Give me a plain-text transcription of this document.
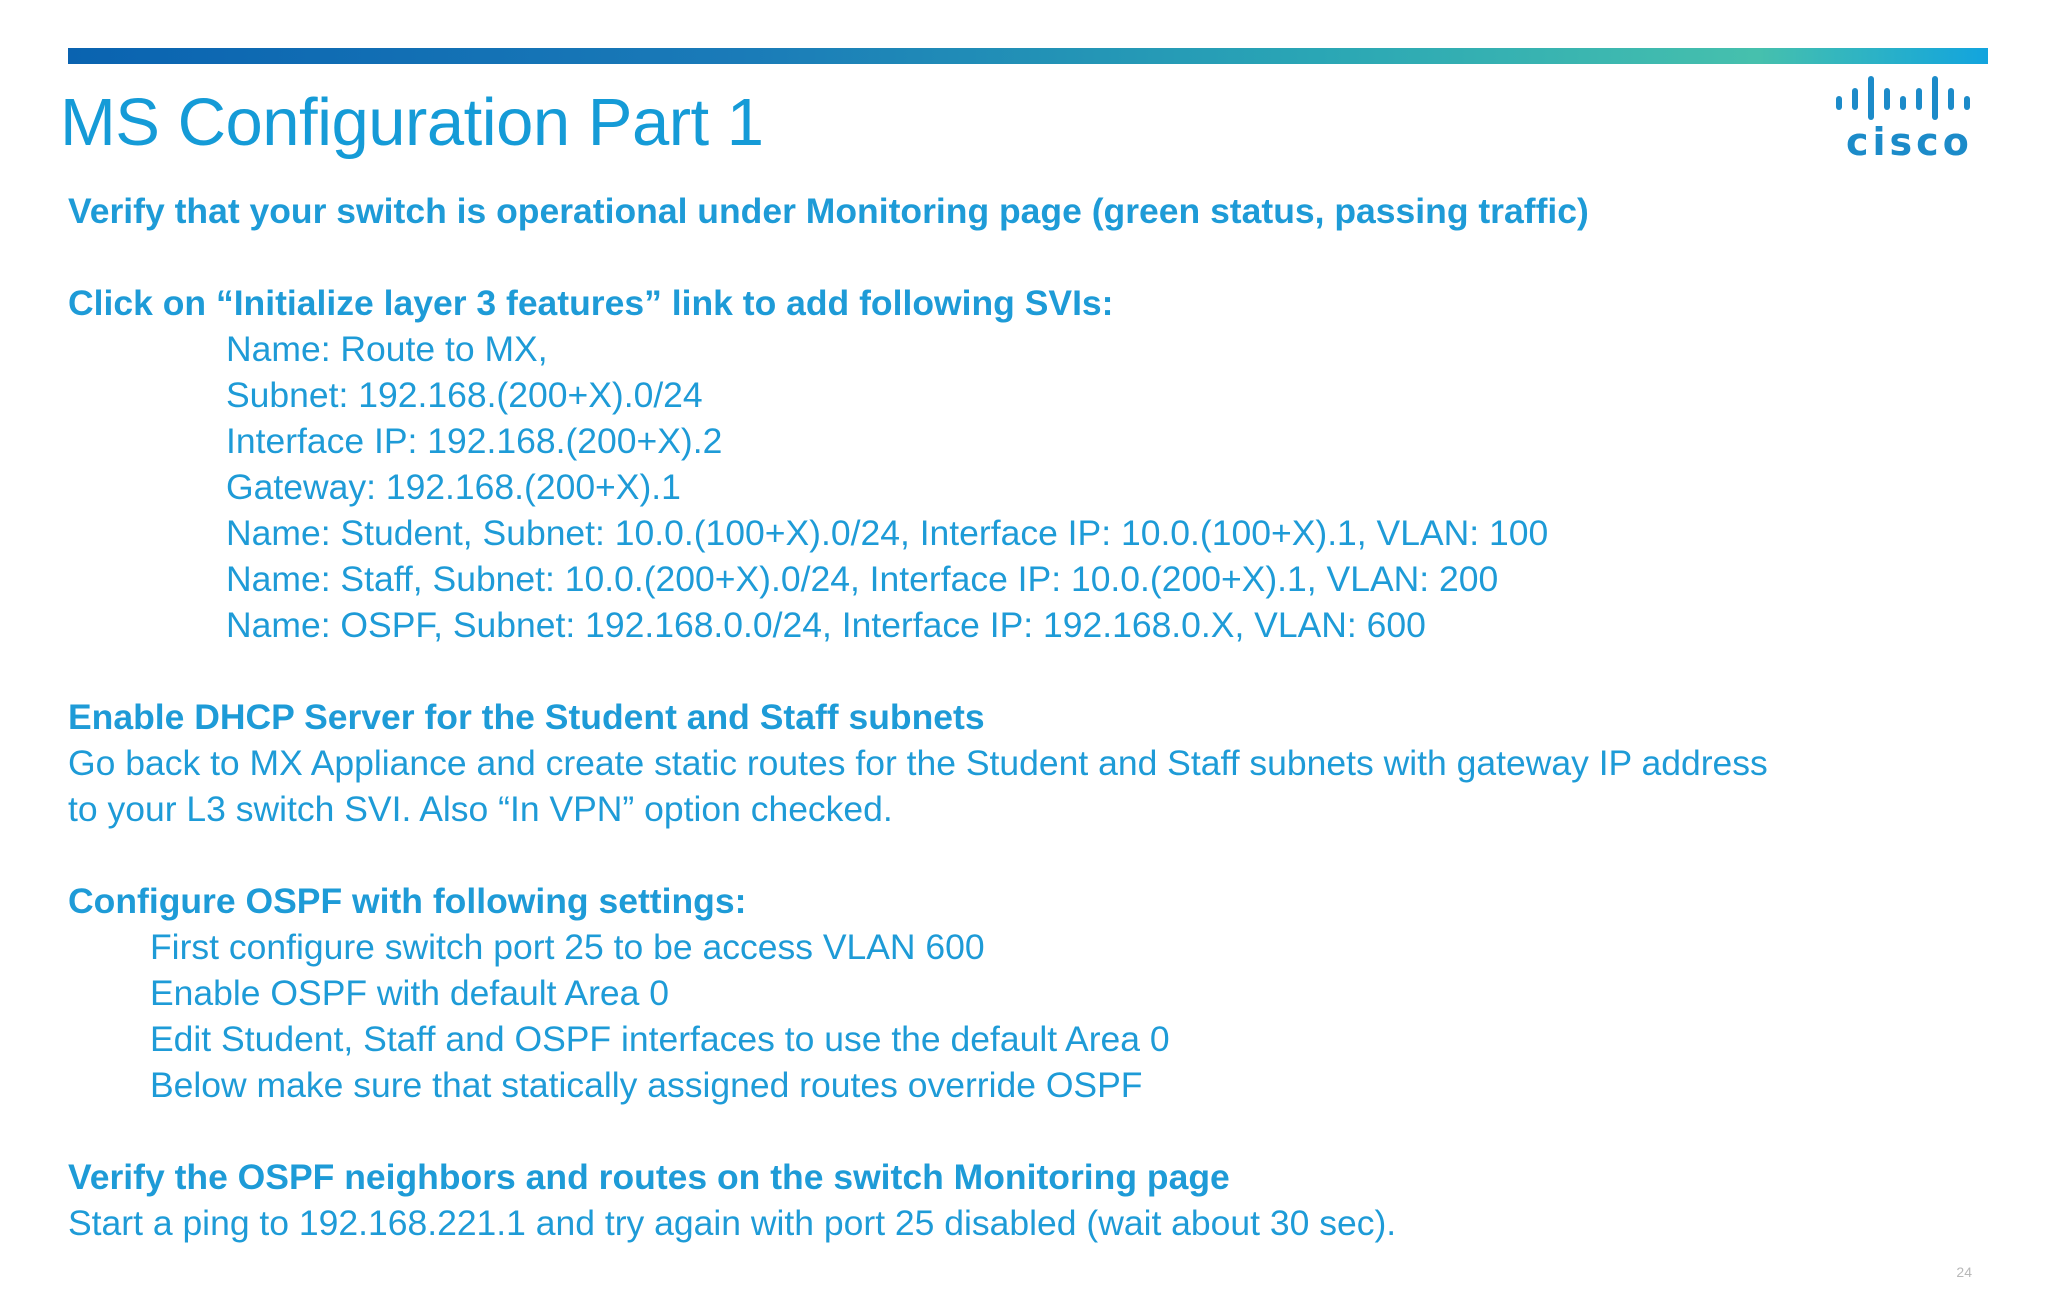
MS Configuration Part 1	cisco
Verify that your switch is operational under Monitoring page (green status, passing traffic)
Click on “Initialize layer 3 features” link to add following SVIs:
Name: Route to MX,
Subnet: 192.168.(200+X).0/24
Interface IP: 192.168.(200+X).2
Gateway: 192.168.(200+X).1
Name: Student, Subnet: 10.0.(100+X).0/24, Interface IP: 10.0.(100+X).1, VLAN: 100
Name: Staff, Subnet: 10.0.(200+X).0/24, Interface IP: 10.0.(200+X).1, VLAN: 200
Name: OSPF, Subnet: 192.168.0.0/24, Interface IP: 192.168.0.X, VLAN: 600
Enable DHCP Server for the Student and Staff subnets
Go back to MX Appliance and create static routes for the Student and Staff subnets with gateway IP address
to your L3 switch SVI. Also “In VPN” option checked.
Configure OSPF with following settings:
First configure switch port 25 to be access VLAN 600
Enable OSPF with default Area 0
Edit Student, Staff and OSPF interfaces to use the default Area 0
Below make sure that statically assigned routes override OSPF
Verify the OSPF neighbors and routes on the switch Monitoring page
Start a ping to 192.168.221.1 and try again with port 25 disabled (wait about 30 sec).
24
